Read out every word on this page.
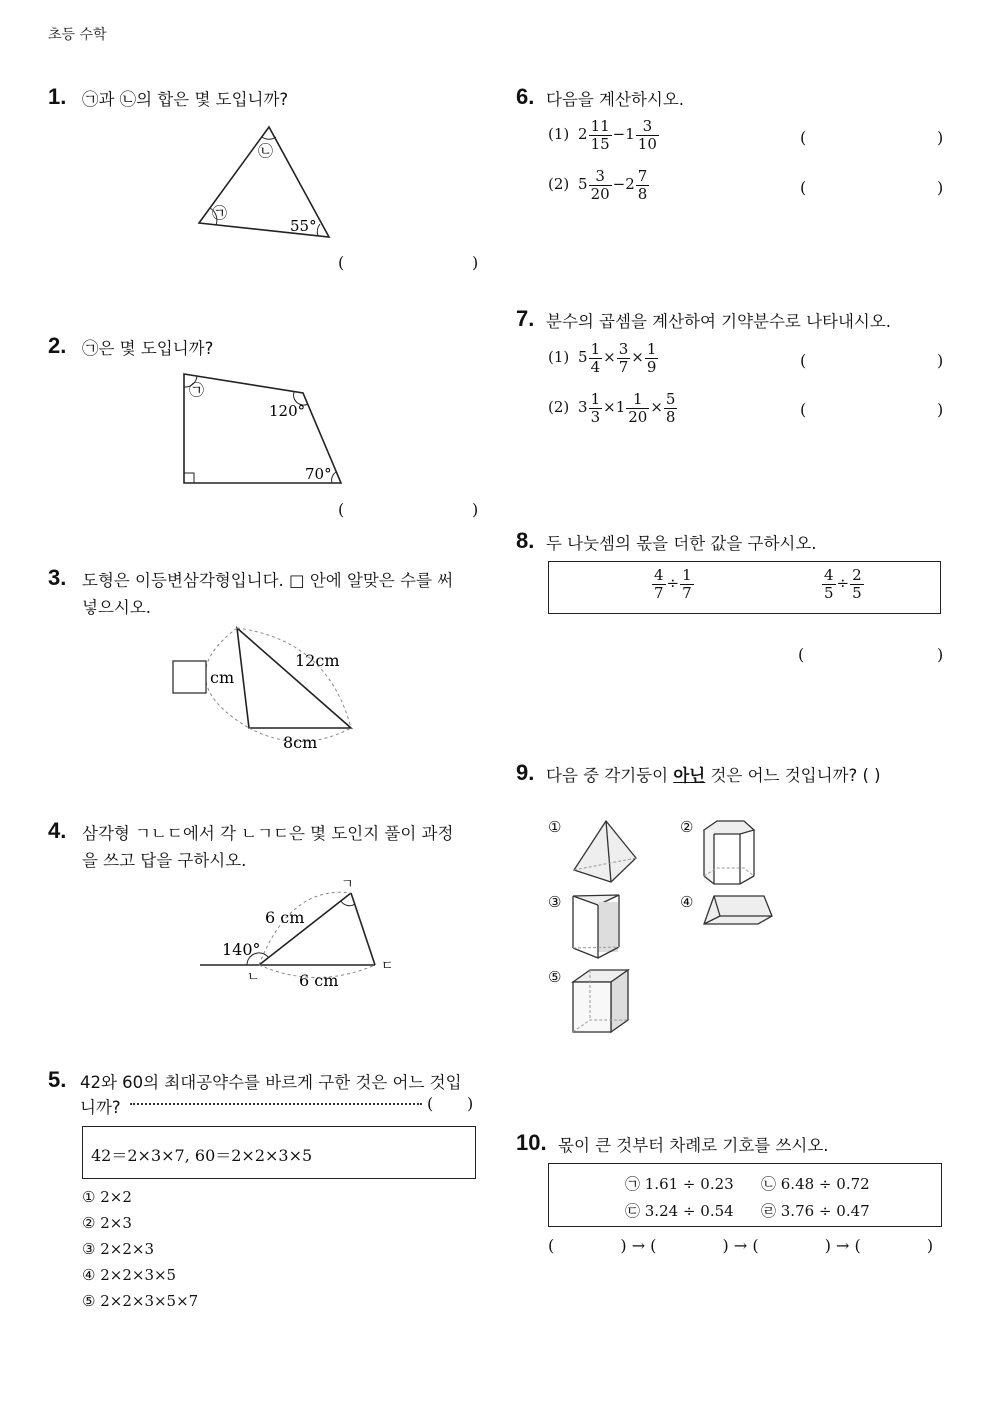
초등 수학
1. ㉠과 ㉡의 합은 몇 도입니까?
㉡
㉠
55°
(	)
2. ㉠은 몇 도입니까?
㉠
120°
70°
(	)
3. 도형은 이등변삼각형입니다. □ 안에 알맞은 수를 써
넣으시오.
cm
12cm
8cm
4. 삼각형 ㄱㄴㄷ에서 각 ㄴㄱㄷ은 몇 도인지 풀이 과정
을 쓰고 답을 구하시오.
ㄱ
ㄴ
ㄷ
6 cm
6 cm
140°
5. 42와 60의 최대공약수를 바르게 구한 것은 어느 것입
니까?	( )
42＝2×3×7, 60＝2×2×3×5
① 2×2
② 2×3
③ 2×2×3
④ 2×2×3×5
⑤ 2×2×3×5×7
6. 다음을 계산하시오.
(1) $2 \frac{11}{15} -1 \frac{3}{10}$	(	)
(2) $5 \frac{3}{20} -2 \frac{7}{8}$	(	)
7. 분수의 곱셈을 계산하여 기약분수로 나타내시오.
(1) $5 \frac{1}{4} \times \frac{3}{7} \times \frac{1}{9}$	(	)
(2) $3 \frac{1}{3} \times 1 \frac{1}{20} \times \frac{5}{8}$	(	)
8. 두 나눗셈의 몫을 더한 값을 구하시오.
$\frac{4}{7} \div \frac{1}{7}$	$\frac{4}{5} \div \frac{2}{5}$
(	)
9. 다음 중 각기둥이 아닌 것은 어느 것입니까? ( )
①	②
③	④
⑤
10. 몫이 큰 것부터 차례로 기호를 쓰시오.
㉠ 1.61 ÷ 0.23 ㉡ 6.48 ÷ 0.72
㉢ 3.24 ÷ 0.54 ㉣ 3.76 ÷ 0.47
(             ) → (             ) → (             ) → (             )
